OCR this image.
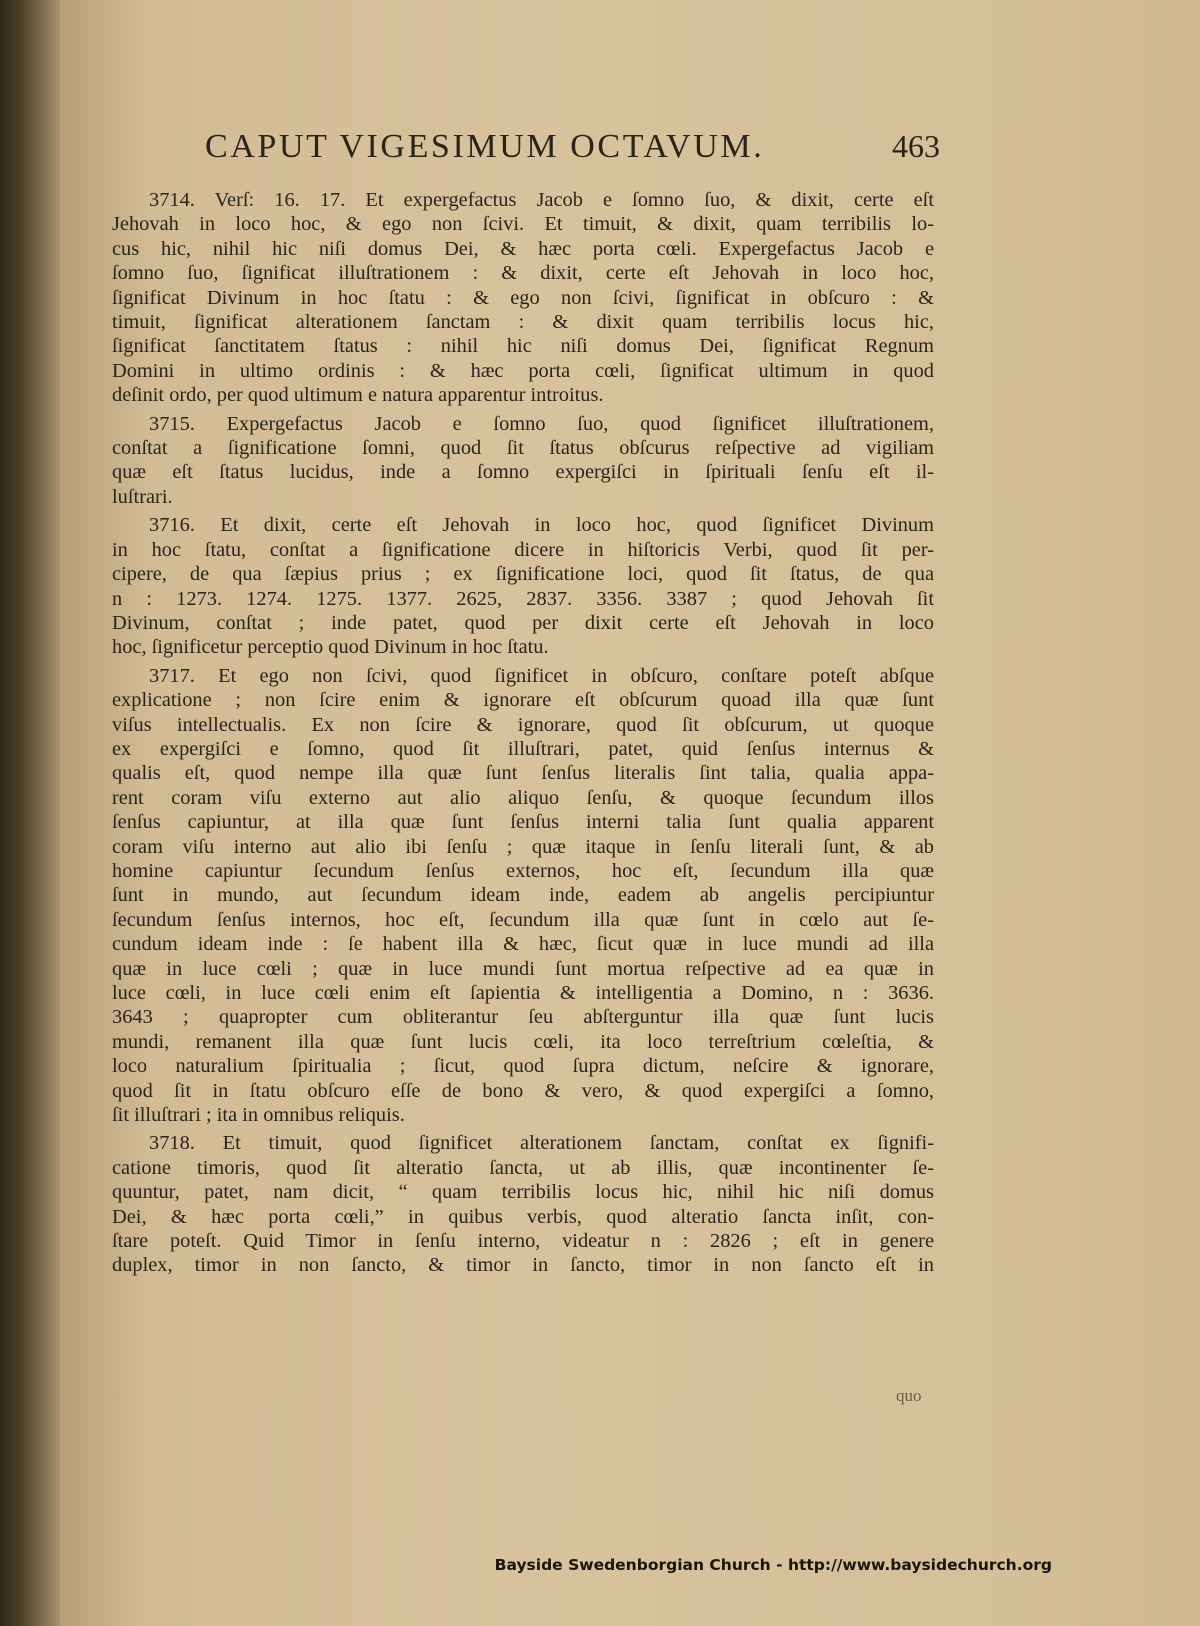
CAPUT VIGESIMUM OCTAVUM.	463
3714. Verſ: 16. 17. Et expergefactus Jacob e ſomno ſuo, & dixit, certe eſt
Jehovah in loco hoc, & ego non ſcivi. Et timuit, & dixit, quam terribilis lo-
cus hic, nihil hic niſi domus Dei, & hæc porta cœli. Expergefactus Jacob e
ſomno ſuo, ſignificat illuſtrationem : & dixit, certe eſt Jehovah in loco hoc,
ſignificat Divinum in hoc ſtatu : & ego non ſcivi, ſignificat in obſcuro : &
timuit, ſignificat alterationem ſanctam : & dixit quam terribilis locus hic,
ſignificat ſanctitatem ſtatus : nihil hic niſi domus Dei, ſignificat Regnum
Domini in ultimo ordinis : & hæc porta cœli, ſignificat ultimum in quod
deſinit ordo, per quod ultimum e natura apparentur introitus.
3715. Expergefactus Jacob e ſomno ſuo, quod ſignificet illuſtrationem,
conſtat a ſignificatione ſomni, quod ſit ſtatus obſcurus reſpective ad vigiliam
quæ eſt ſtatus lucidus, inde a ſomno expergiſci in ſpirituali ſenſu eſt il-
luſtrari.
3716. Et dixit, certe eſt Jehovah in loco hoc, quod ſignificet Divinum
in hoc ſtatu, conſtat a ſignificatione dicere in hiſtoricis Verbi, quod ſit per-
cipere, de qua ſæpius prius ; ex ſignificatione loci, quod ſit ſtatus, de qua
n : 1273. 1274. 1275. 1377. 2625, 2837. 3356. 3387 ; quod Jehovah ſit
Divinum, conſtat ; inde patet, quod per dixit certe eſt Jehovah in loco
hoc, ſignificetur perceptio quod Divinum in hoc ſtatu.
3717. Et ego non ſcivi, quod ſignificet in obſcuro, conſtare poteſt abſque
explicatione ; non ſcire enim & ignorare eſt obſcurum quoad illa quæ ſunt
viſus intellectualis. Ex non ſcire & ignorare, quod ſit obſcurum, ut quoque
ex expergiſci e ſomno, quod ſit illuſtrari, patet, quid ſenſus internus &
qualis eſt, quod nempe illa quæ ſunt ſenſus literalis ſint talia, qualia appa-
rent coram viſu externo aut alio aliquo ſenſu, & quoque ſecundum illos
ſenſus capiuntur, at illa quæ ſunt ſenſus interni talia ſunt qualia apparent
coram viſu interno aut alio ibi ſenſu ; quæ itaque in ſenſu literali ſunt, & ab
homine capiuntur ſecundum ſenſus externos, hoc eſt, ſecundum illa quæ
ſunt in mundo, aut ſecundum ideam inde, eadem ab angelis percipiuntur
ſecundum ſenſus internos, hoc eſt, ſecundum illa quæ ſunt in cœlo aut ſe-
cundum ideam inde : ſe habent illa & hæc, ſicut quæ in luce mundi ad illa
quæ in luce cœli ; quæ in luce mundi ſunt mortua reſpective ad ea quæ in
luce cœli, in luce cœli enim eſt ſapientia & intelligentia a Domino, n : 3636.
3643 ; quapropter cum obliterantur ſeu abſterguntur illa quæ ſunt lucis
mundi, remanent illa quæ ſunt lucis cœli, ita loco terreſtrium cœleſtia, &
loco naturalium ſpiritualia ; ſicut, quod ſupra dictum, neſcire & ignorare,
quod ſit in ſtatu obſcuro eſſe de bono & vero, & quod expergiſci a ſomno,
ſit illuſtrari ; ita in omnibus reliquis.
3718. Et timuit, quod ſignificet alterationem ſanctam, conſtat ex ſignifi-
catione timoris, quod ſit alteratio ſancta, ut ab illis, quæ incontinenter ſe-
quuntur, patet, nam dicit, “ quam terribilis locus hic, nihil hic niſi domus
Dei, & hæc porta cœli,” in quibus verbis, quod alteratio ſancta inſit, con-
ſtare poteſt. Quid Timor in ſenſu interno, videatur n : 2826 ; eſt in genere
duplex, timor in non ſancto, & timor in ſancto, timor in non ſancto eſt in
quo
Bayside Swedenborgian Church - http://www.baysidechurch.org
